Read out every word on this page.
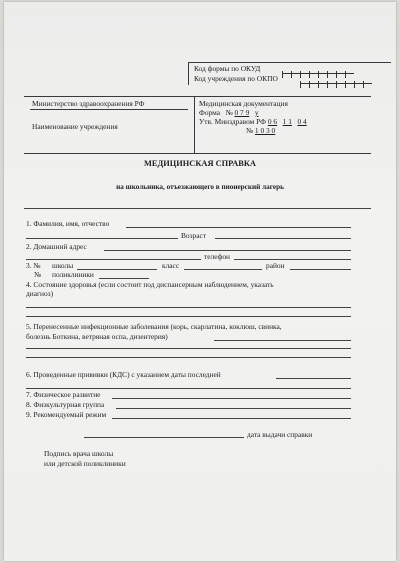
Код формы по ОКУД
Код учреждения по ОКПО
Министерство здравоохранения РФ
Наименование учреждения
Медицинская документация
Форма № 0 7 9 у
Утв. Минздравом РФ 0 6 1 1 0 4
№ 1 0 3 0
МЕДИЦИНСКАЯ СПРАВКА
на школьника, отъезжающего в пионерский лагерь
1. Фамилия, имя, отчество
Возраст
2. Домашний адрес
телефон
3. № школы	класс	район
№ поликлиники
4. Состояние здоровья (если состоит под диспансерным наблюдением, указать
диагноз)
5. Перенесенные инфекционные заболевания (корь, скарлатина, коклюш, свинка,
болезнь Боткина, ветряная оспа, дизентерия)
6. Проведенные прививки (КДС) с указанием даты последней
7. Физическое развитие
8. Физкультурная группа
9. Рекомендуемый режим
дата выдачи справки
Подпись врача школы
или детской поликлиники
